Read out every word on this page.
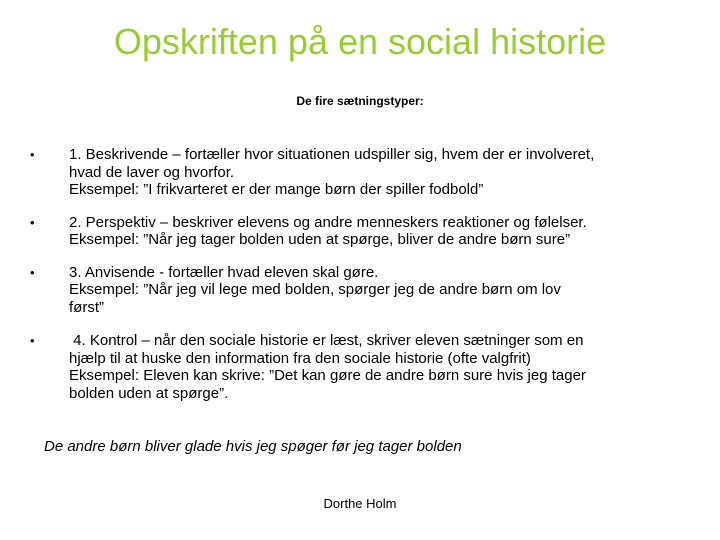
Opskriften på en social historie
De fire sætningstyper:
• 1. Beskrivende – fortæller hvor situationen udspiller sig, hvem der er involveret,
hvad de laver og hvorfor.
Eksempel: ”I frikvarteret er der mange børn der spiller fodbold”
• 2. Perspektiv – beskriver elevens og andre menneskers reaktioner og følelser.
Eksempel: ”Når jeg tager bolden uden at spørge, bliver de andre børn sure”
• 3. Anvisende - fortæller hvad eleven skal gøre.
Eksempel: ”Når jeg vil lege med bolden, spørger jeg de andre børn om lov
først”
• 4. Kontrol – når den sociale historie er læst, skriver eleven sætninger som en
hjælp til at huske den information fra den sociale historie (ofte valgfrit)
Eksempel: Eleven kan skrive: ”Det kan gøre de andre børn sure hvis jeg tager
bolden uden at spørge”.
De andre børn bliver glade hvis jeg spøger før jeg tager bolden
Dorthe Holm
